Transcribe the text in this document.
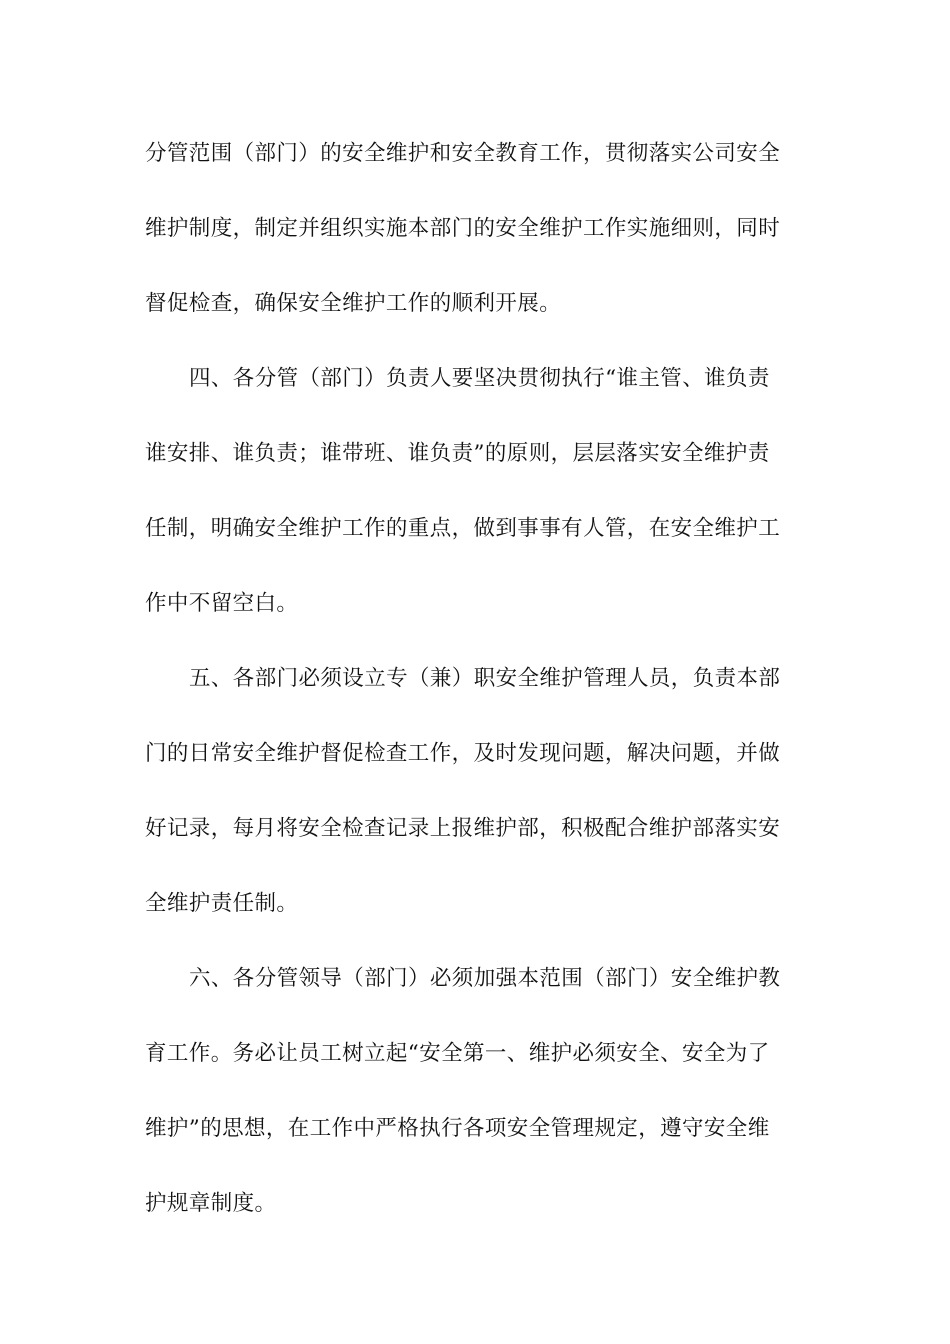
分管范围（部门）的安全维护和安全教育工作，贯彻落实公司安全
维护制度，制定并组织实施本部门的安全维护工作实施细则，同时
督促检查，确保安全维护工作的顺利开展。
四、各分管（部门）负责人要坚决贯彻执行“谁主管、谁负责
谁安排、谁负责；谁带班、谁负责”的原则，层层落实安全维护责
任制，明确安全维护工作的重点，做到事事有人管，在安全维护工
作中不留空白。
五、各部门必须设立专（兼）职安全维护管理人员，负责本部
门的日常安全维护督促检查工作，及时发现问题，解决问题，并做
好记录，每月将安全检查记录上报维护部，积极配合维护部落实安
全维护责任制。
六、各分管领导（部门）必须加强本范围（部门）安全维护教
育工作。务必让员工树立起“安全第一、维护必须安全、安全为了
维护”的思想，在工作中严格执行各项安全管理规定，遵守安全维
护规章制度。
